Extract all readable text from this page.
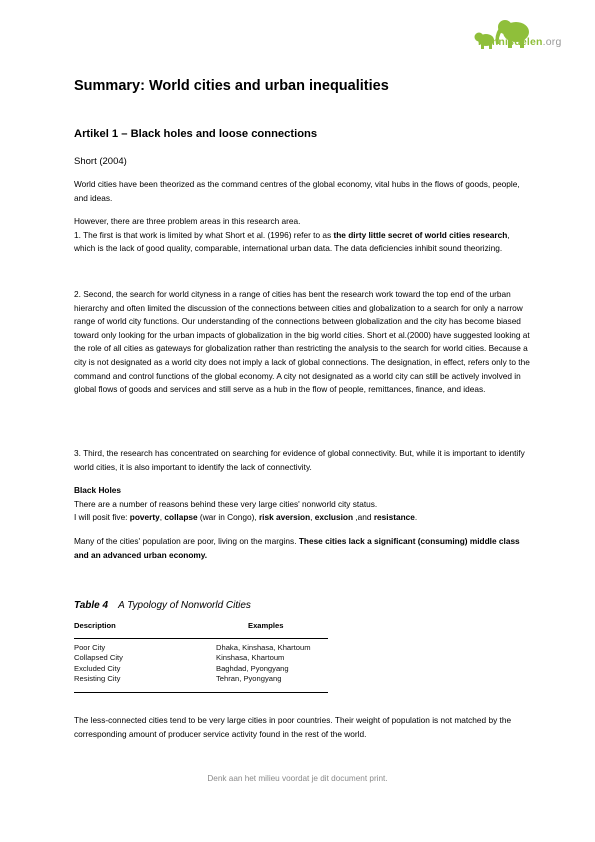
Kennisdelen.org
Summary: World cities and urban inequalities
Artikel 1 – Black holes and loose connections
Short (2004)

World cities have been theorized as the command centres of the global economy, vital hubs in the flows of goods, people, and ideas.

However, there are three problem areas in this research area.

1. The first is that work is limited by what Short et al. (1996) refer to as the dirty little secret of world cities research, which is the lack of good quality, comparable, international urban data. The data deficiencies inhibit sound theorizing.

2. Second, the search for world cityness in a range of cities has bent the research work toward the top end of the urban hierarchy and often limited the discussion of the connections between cities and globalization to a search for only a narrow range of world city functions. Our understanding of the connections between globalization and the city has become biased toward only looking for the urban impacts of globalization in the big world cities. Short et al.(2000) have suggested looking at the role of all cities as gateways for globalization rather than restricting the analysis to the search for world cities. Because a city is not designated as a world city does not imply a lack of global connections. The designation, in effect, refers only to the command and control functions of the global economy. A city not designated as a world city can still be actively involved in global flows of goods and services and still serve as a hub in the flow of people, remittances, finance, and ideas.

3. Third, the research has concentrated on searching for evidence of global connectivity. But, while it is important to identify world cities, it is also important to identify the lack of connectivity.

Black Holes

There are a number of reasons behind these very large cities' nonworld city status.

I will posit five: poverty, collapse (war in Congo), risk aversion, exclusion ,and resistance.

Many of the cities' population are poor, living on the margins. These cities lack a significant (consuming) middle class and an advanced urban economy.

Table 4 A Typology of Nonworld Cities
Description	Examples
Poor City	Dhaka, Kinshasa, Khartoum
Collapsed City	Kinshasa, Khartoum
Excluded City	Baghdad, Pyongyang
Resisting City	Tehran, Pyongyang

The less-connected cities tend to be very large cities in poor countries. Their weight of population is not matched by the corresponding amount of producer service activity found in the rest of the world.

Denk aan het milieu voordat je dit document print.
